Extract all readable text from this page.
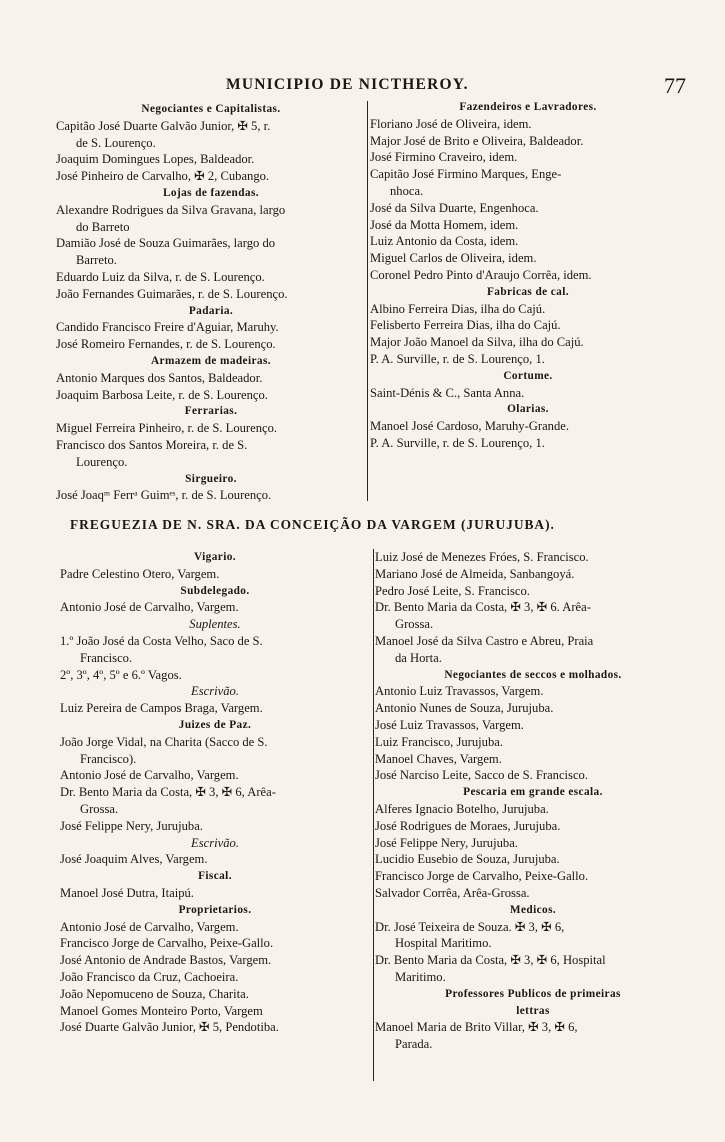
MUNICIPIO DE NICTHEROY.	77
Negociantes e Capitalistas.
Capitão José Duarte Galvão Junior, ✠ 5, r.
de S. Lourenço.
Joaquim Domingues Lopes, Baldeador.
José Pinheiro de Carvalho, ✠ 2, Cubango.
Lojas de fazendas.
Alexandre Rodrigues da Silva Gravana, largo
do Barreto
Damião José de Souza Guimarães, largo do
Barreto.
Eduardo Luiz da Silva, r. de S. Lourenço.
João Fernandes Guimarães, r. de S. Lourenço.
Padaria.
Candido Francisco Freire d'Aguiar, Maruhy.
José Romeiro Fernandes, r. de S. Lourenço.
Armazem de madeiras.
Antonio Marques dos Santos, Baldeador.
Joaquim Barbosa Leite, r. de S. Lourenço.
Ferrarias.
Miguel Ferreira Pinheiro, r. de S. Lourenço.
Francisco dos Santos Moreira, r. de S.
Lourenço.
Sirgueiro.
José Joaqᵐ Ferrᵃ Guimᵉˢ, r. de S. Lourenço.
Fazendeiros e Lavradores.
Floriano José de Oliveira, idem.
Major José de Brito e Oliveira, Baldeador.
José Firmino Craveiro, idem.
Capitão José Firmino Marques, Enge-
nhoca.
José da Silva Duarte, Engenhoca.
José da Motta Homem, idem.
Luiz Antonio da Costa, idem.
Miguel Carlos de Oliveira, idem.
Coronel Pedro Pinto d'Araujo Corrêa, idem.
Fabricas de cal.
Albino Ferreira Dias, ilha do Cajú.
Felisberto Ferreira Dias, ilha do Cajú.
Major João Manoel da Silva, ilha do Cajú.
P. A. Surville, r. de S. Lourenço, 1.
Cortume.
Saint-Dénis & C., Santa Anna.
Olarias.
Manoel José Cardoso, Maruhy-Grande.
P. A. Surville, r. de S. Lourenço, 1.
FREGUEZIA DE N. SRA. DA CONCEIÇÃO DA VARGEM (JURUJUBA).
Vigario.
Padre Celestino Otero, Vargem.
Subdelegado.
Antonio José de Carvalho, Vargem.
Suplentes.
1.º João José da Costa Velho, Saco de S.
Francisco.
2º, 3º, 4º, 5º e 6.º Vagos.
Escrivão.
Luiz Pereira de Campos Braga, Vargem.
Juizes de Paz.
João Jorge Vidal, na Charita (Sacco de S.
Francisco).
Antonio José de Carvalho, Vargem.
Dr. Bento Maria da Costa, ✠ 3, ✠ 6, Arêa-
Grossa.
José Felippe Nery, Jurujuba.
Escrivão.
José Joaquim Alves, Vargem.
Fiscal.
Manoel José Dutra, Itaipú.
Proprietarios.
Antonio José de Carvalho, Vargem.
Francisco Jorge de Carvalho, Peixe-Gallo.
José Antonio de Andrade Bastos, Vargem.
João Francisco da Cruz, Cachoeira.
João Nepomuceno de Souza, Charita.
Manoel Gomes Monteiro Porto, Vargem
José Duarte Galvão Junior, ✠ 5, Pendotiba.
Luiz José de Menezes Fróes, S. Francisco.
Mariano José de Almeida, Sanbangoyá.
Pedro José Leite, S. Francisco.
Dr. Bento Maria da Costa, ✠ 3, ✠ 6. Arêa-
Grossa.
Manoel José da Silva Castro e Abreu, Praia
da Horta.
Negociantes de seccos e molhados.
Antonio Luiz Travassos, Vargem.
Antonio Nunes de Souza, Jurujuba.
José Luiz Travassos, Vargem.
Luiz Francisco, Jurujuba.
Manoel Chaves, Vargem.
José Narciso Leite, Sacco de S. Francisco.
Pescaria em grande escala.
Alferes Ignacio Botelho, Jurujuba.
José Rodrigues de Moraes, Jurujuba.
José Felippe Nery, Jurujuba.
Lucidio Eusebio de Souza, Jurujuba.
Francisco Jorge de Carvalho, Peixe-Gallo.
Salvador Corrêa, Arêa-Grossa.
Medicos.
Dr. José Teixeira de Souza. ✠ 3, ✠ 6,
Hospital Maritimo.
Dr. Bento Maria da Costa, ✠ 3, ✠ 6, Hospital
Maritimo.
Professores Publicos de primeiras
lettras
Manoel Maria de Brito Villar, ✠ 3, ✠ 6,
Parada.
